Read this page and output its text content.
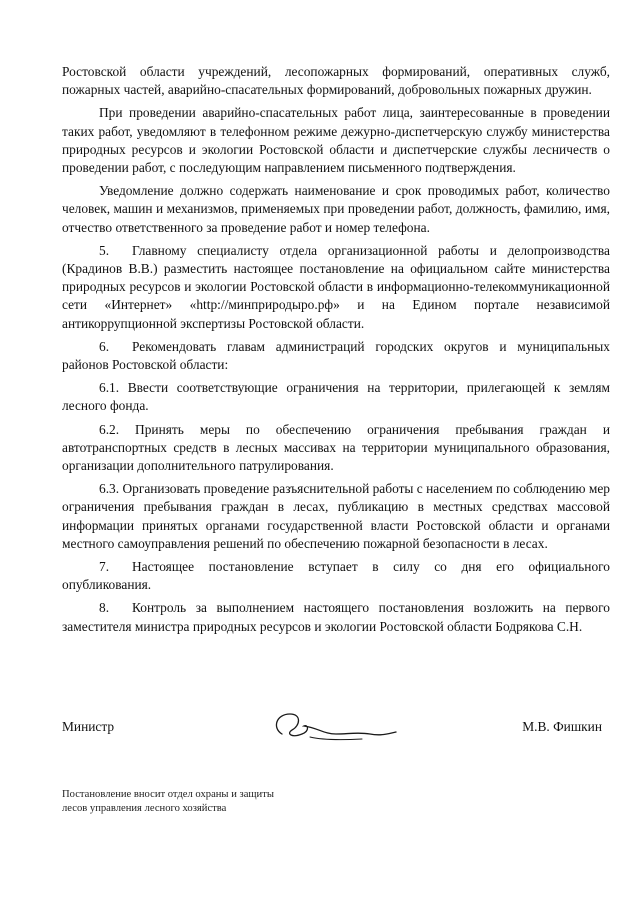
Ростовской области учреждений, лесопожарных формирований, оперативных служб, пожарных частей, аварийно-спасательных формирований, добровольных пожарных дружин.

При проведении аварийно-спасательных работ лица, заинтересованные в проведении таких работ, уведомляют в телефонном режиме дежурно-диспетчерскую службу министерства природных ресурсов и экологии Ростовской области и диспетчерские службы лесничеств о проведении работ, с последующим направлением письменного подтверждения.

Уведомление должно содержать наименование и срок проводимых работ, количество человек, машин и механизмов, применяемых при проведении работ, должность, фамилию, имя, отчество ответственного за проведение работ и номер телефона.

5. Главному специалисту отдела организационной работы и делопроизводства (Крадинов В.В.) разместить настоящее постановление на официальном сайте министерства природных ресурсов и экологии Ростовской области в информационно-телекоммуникационной сети «Интернет» «http://минприродыро.рф» и на Едином портале независимой антикоррупционной экспертизы Ростовской области.

6. Рекомендовать главам администраций городских округов и муниципальных районов Ростовской области:

6.1. Ввести соответствующие ограничения на территории, прилегающей к землям лесного фонда.

6.2. Принять меры по обеспечению ограничения пребывания граждан и автотранспортных средств в лесных массивах на территории муниципального образования, организации дополнительного патрулирования.

6.3. Организовать проведение разъяснительной работы с населением по соблюдению мер ограничения пребывания граждан в лесах, публикацию в местных средствах массовой информации принятых органами государственной власти Ростовской области и органами местного самоуправления решений по обеспечению пожарной безопасности в лесах.

7. Настоящее постановление вступает в силу со дня его официального опубликования.

8. Контроль за выполнением настоящего постановления возложить на первого заместителя министра природных ресурсов и экологии Ростовской области Бодрякова С.Н.

Министр	М.В. Фишкин
Постановление вносит отдел охраны и защиты
лесов управления лесного хозяйства
